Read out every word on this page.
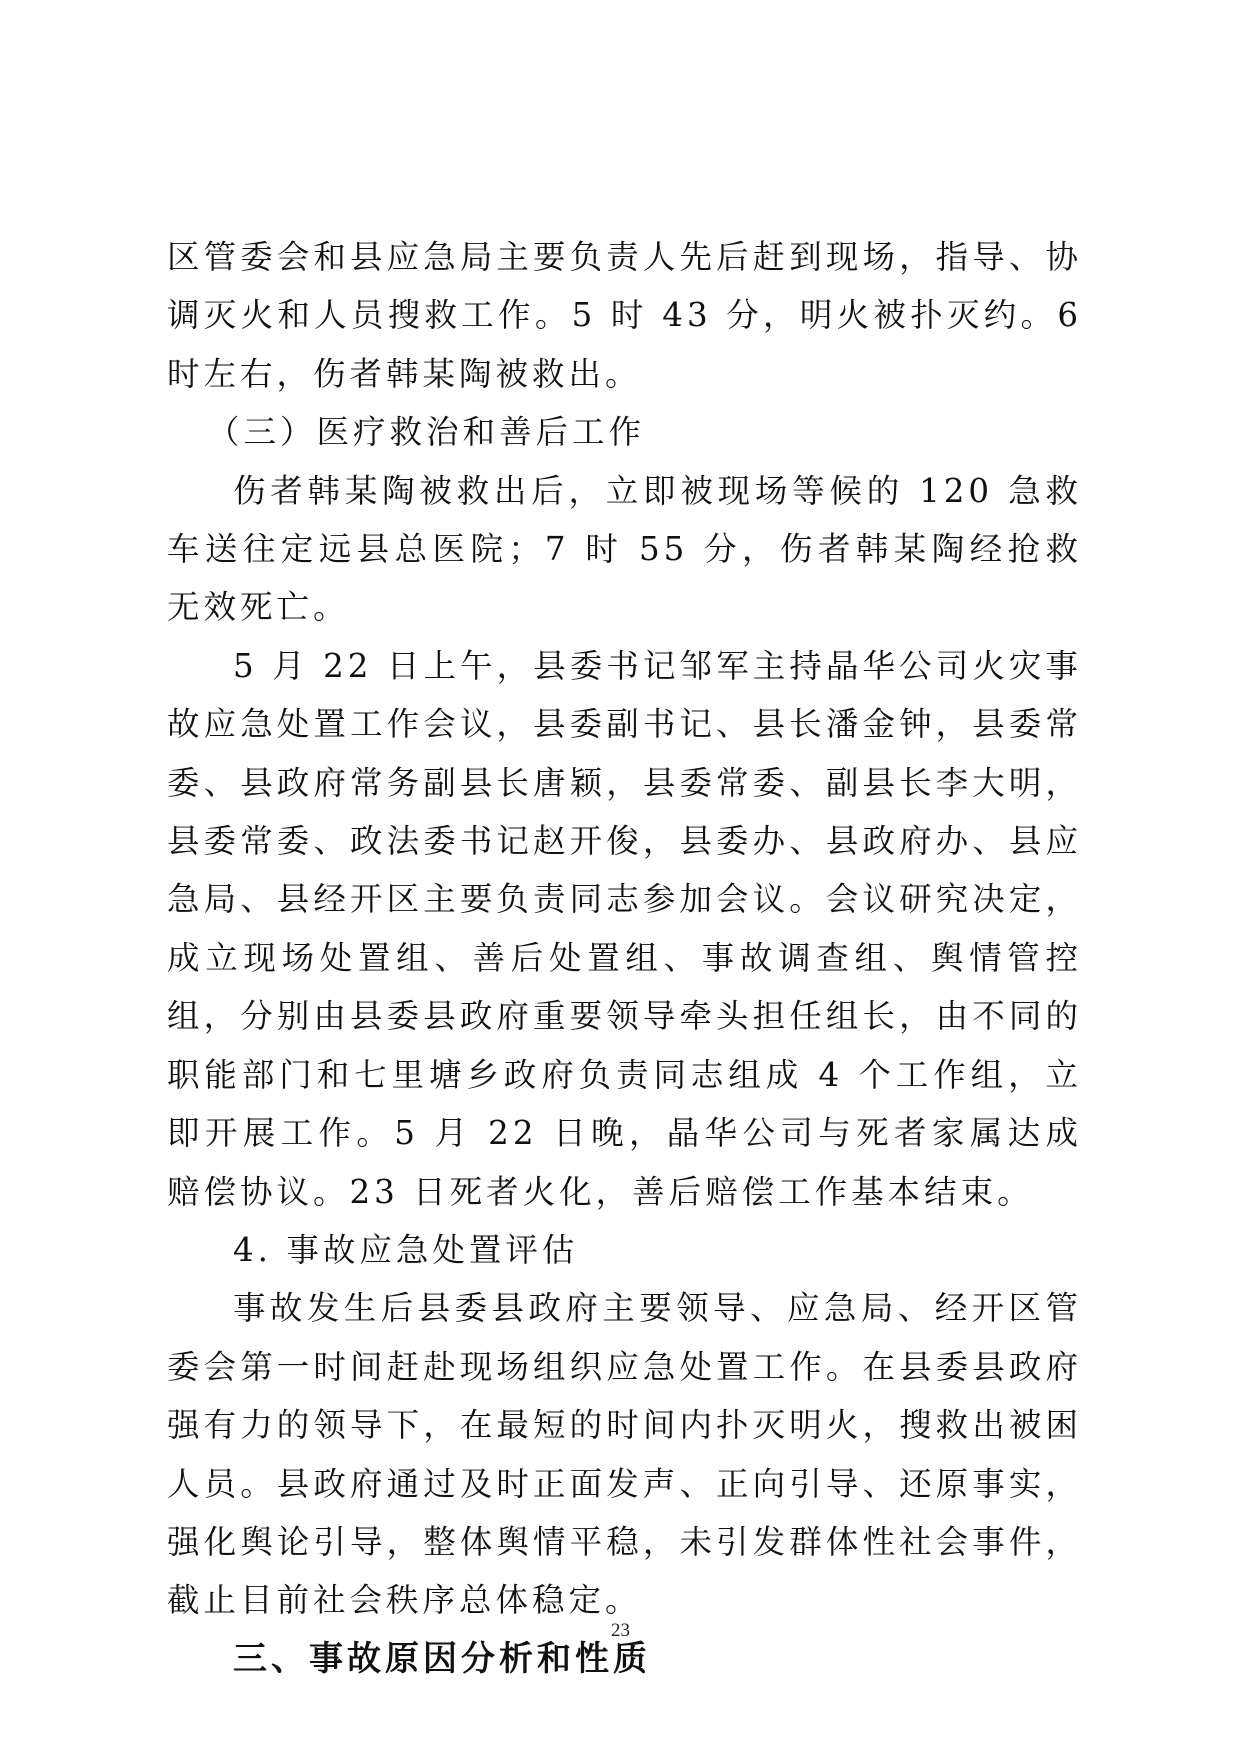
区管委会和县应急局主要负责人先后赶到现场，指导、协调灭火和人员搜救工作。5 时 43 分，明火被扑灭约。6 时左右，伤者韩某陶被救出。

（三）医疗救治和善后工作

伤者韩某陶被救出后，立即被现场等候的 120 急救车送往定远县总医院；7 时 55 分，伤者韩某陶经抢救无效死亡。

5 月 22 日上午，县委书记邹军主持晶华公司火灾事故应急处置工作会议，县委副书记、县长潘金钟，县委常委、县政府常务副县长唐颖，县委常委、副县长李大明，县委常委、政法委书记赵开俊，县委办、县政府办、县应急局、县经开区主要负责同志参加会议。会议研究决定，成立现场处置组、善后处置组、事故调查组、舆情管控组，分别由县委县政府重要领导牵头担任组长，由不同的职能部门和七里塘乡政府负责同志组成 4 个工作组，立即开展工作。5 月 22 日晚，晶华公司与死者家属达成赔偿协议。23 日死者火化，善后赔偿工作基本结束。

4. 事故应急处置评估

事故发生后县委县政府主要领导、应急局、经开区管委会第一时间赶赴现场组织应急处置工作。在县委县政府强有力的领导下，在最短的时间内扑灭明火，搜救出被困人员。县政府通过及时正面发声、正向引导、还原事实，强化舆论引导，整体舆情平稳，未引发群体性社会事件，截止目前社会秩序总体稳定。

三、事故原因分析和性质

23
